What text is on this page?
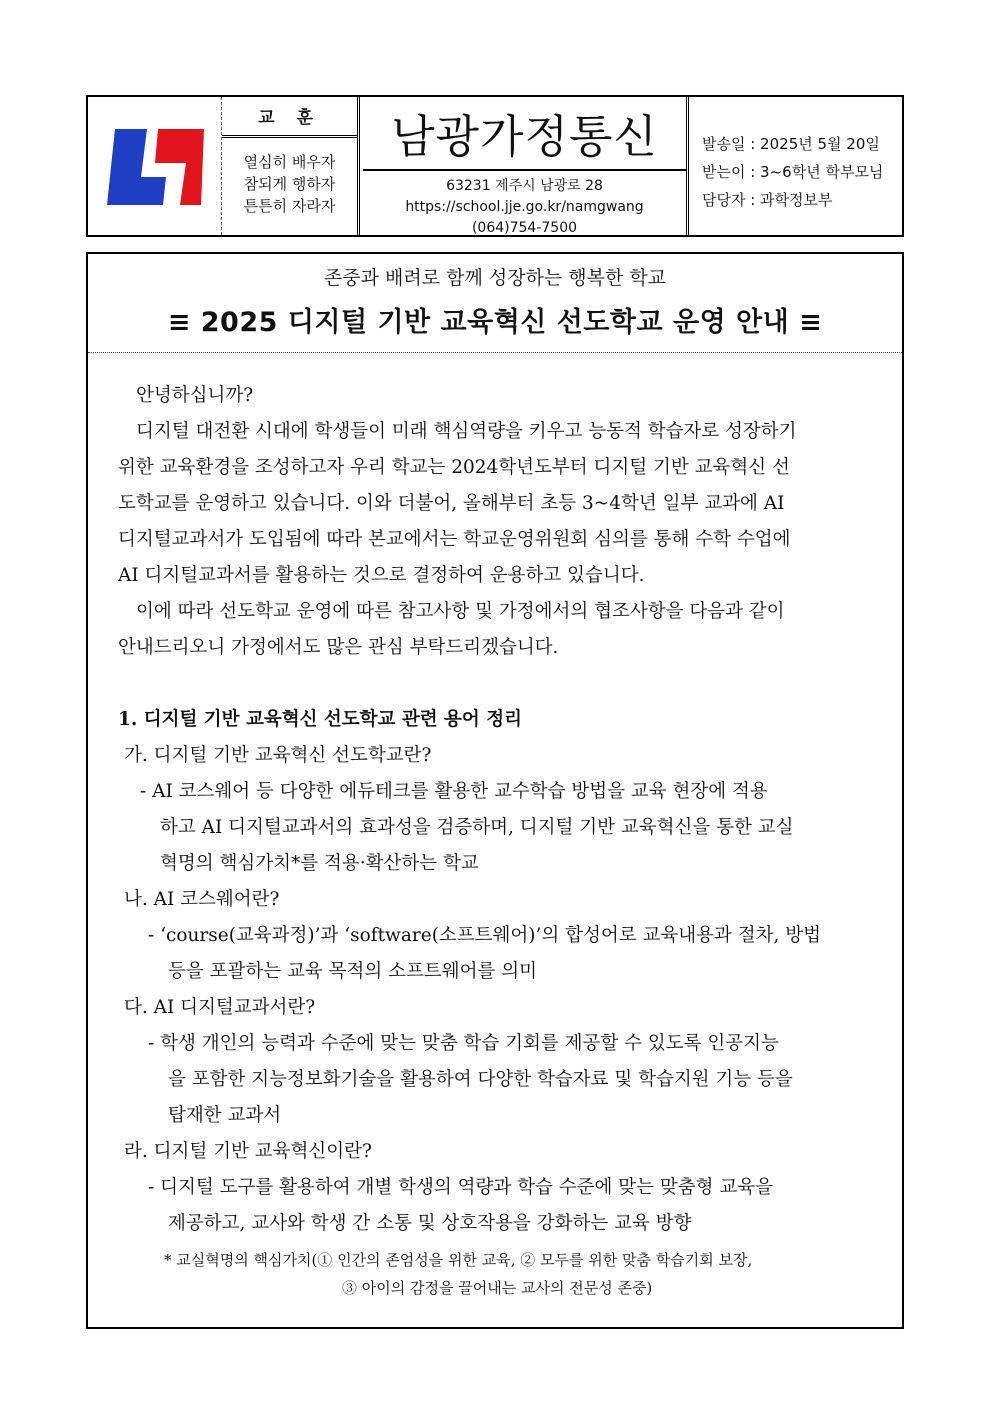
교 훈
열심히 배우자
참되게 행하자
튼튼히 자라자
남광가정통신
63231 제주시 남광로 28
https://school.jje.go.kr/namgwang
(064)754-7500
발송일 : 2025년 5월 20일
받는이 : 3~6학년 학부모님
담당자 : 과학정보부
존중과 배려로 함께 성장하는 행복한 학교
≡ 2025 디지털 기반 교육혁신 선도학교 운영 안내 ≡

안녕하십니까?

디지털 대전환 시대에 학생들이 미래 핵심역량을 키우고 능동적 학습자로 성장하기

위한 교육환경을 조성하고자 우리 학교는 2024학년도부터 디지털 기반 교육혁신 선

도학교를 운영하고 있습니다. 이와 더불어, 올해부터 초등 3~4학년 일부 교과에 AI

디지털교과서가 도입됨에 따라 본교에서는 학교운영위원회 심의를 통해 수학 수업에

AI 디지털교과서를 활용하는 것으로 결정하여 운용하고 있습니다.

이에 따라 선도학교 운영에 따른 참고사항 및 가정에서의 협조사항을 다음과 같이

안내드리오니 가정에서도 많은 관심 부탁드리겠습니다.

1. 디지털 기반 교육혁신 선도학교 관련 용어 정리

가. 디지털 기반 교육혁신 선도학교란?

- AI 코스웨어 등 다양한 에듀테크를 활용한 교수학습 방법을 교육 현장에 적용

하고 AI 디지털교과서의 효과성을 검증하며, 디지털 기반 교육혁신을 통한 교실

혁명의 핵심가치*를 적용·확산하는 학교

나. AI 코스웨어란?

- ‘course(교육과정)’과 ‘software(소프트웨어)’의 합성어로 교육내용과 절차, 방법

등을 포괄하는 교육 목적의 소프트웨어를 의미

다. AI 디지털교과서란?

- 학생 개인의 능력과 수준에 맞는 맞춤 학습 기회를 제공할 수 있도록 인공지능

을 포함한 지능정보화기술을 활용하여 다양한 학습자료 및 학습지원 기능 등을

탑재한 교과서

라. 디지털 기반 교육혁신이란?

- 디지털 도구를 활용하여 개별 학생의 역량과 학습 수준에 맞는 맞춤형 교육을

제공하고, 교사와 학생 간 소통 및 상호작용을 강화하는 교육 방향

* 교실혁명의 핵심가치(① 인간의 존엄성을 위한 교육, ② 모두를 위한 맞춤 학습기회 보장,

③ 아이의 감정을 끌어내는 교사의 전문성 존중)
